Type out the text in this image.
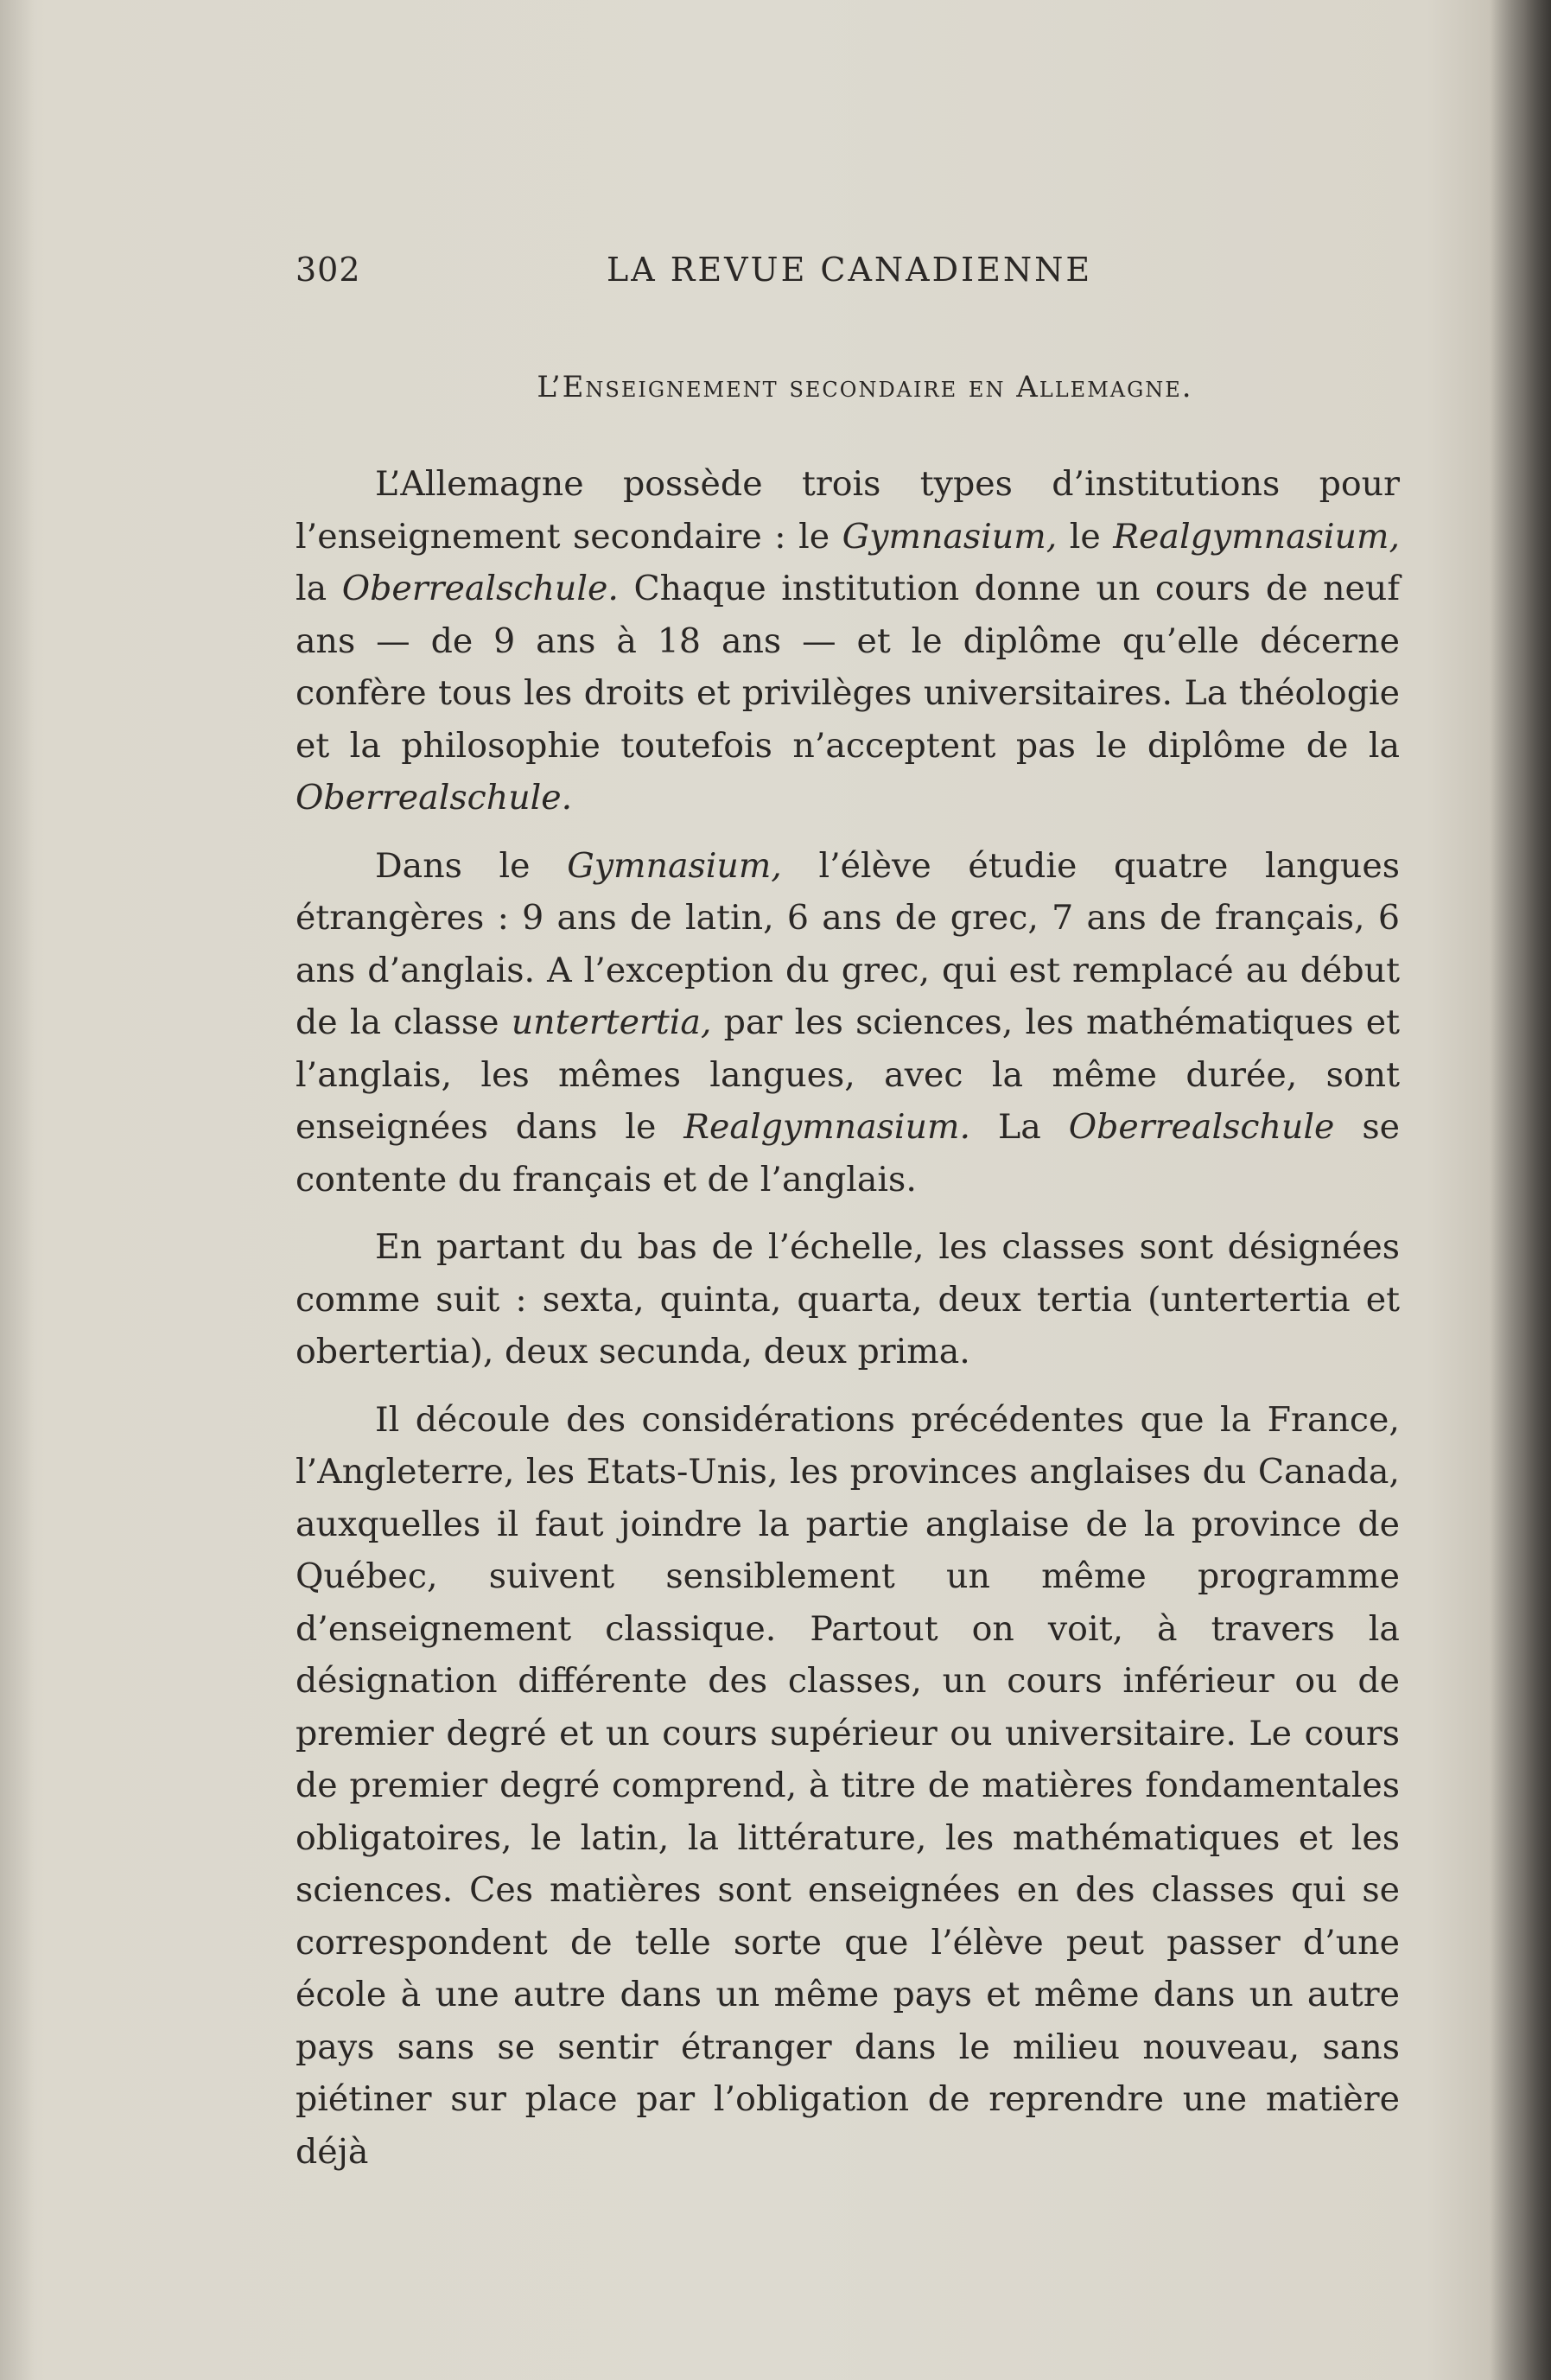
302	LA REVUE CANADIENNE
L’Enseignement secondaire en Allemagne.

L’Allemagne possède trois types d’institutions pour l’enseignement secondaire : le Gymnasium, le Realgymnasium, la Oberrealschule. Chaque institution donne un cours de neuf ans — de 9 ans à 18 ans — et le diplôme qu’elle décerne confère tous les droits et privilèges universitaires. La théologie et la philosophie toutefois n’acceptent pas le diplôme de la Oberrealschule.

Dans le Gymnasium, l’élève étudie quatre langues étrangères : 9 ans de latin, 6 ans de grec, 7 ans de français, 6 ans d’anglais. A l’exception du grec, qui est remplacé au début de la classe untertertia, par les sciences, les mathématiques et l’anglais, les mêmes langues, avec la même durée, sont enseignées dans le Realgymnasium. La Oberrealschule se contente du français et de l’anglais.

En partant du bas de l’échelle, les classes sont désignées comme suit : sexta, quinta, quarta, deux tertia (untertertia et obertertia), deux secunda, deux prima.

Il découle des considérations précédentes que la France, l’Angleterre, les Etats-Unis, les provinces anglaises du Canada, auxquelles il faut joindre la partie anglaise de la province de Québec, suivent sensiblement un même programme d’enseignement classique. Partout on voit, à travers la désignation différente des classes, un cours inférieur ou de premier degré et un cours supérieur ou universitaire. Le cours de premier degré comprend, à titre de matières fondamentales obligatoires, le latin, la littérature, les mathématiques et les sciences. Ces matières sont enseignées en des classes qui se correspondent de telle sorte que l’élève peut passer d’une école à une autre dans un même pays et même dans un autre pays sans se sentir étranger dans le milieu nouveau, sans piétiner sur place par l’obligation de reprendre une matière déjà
